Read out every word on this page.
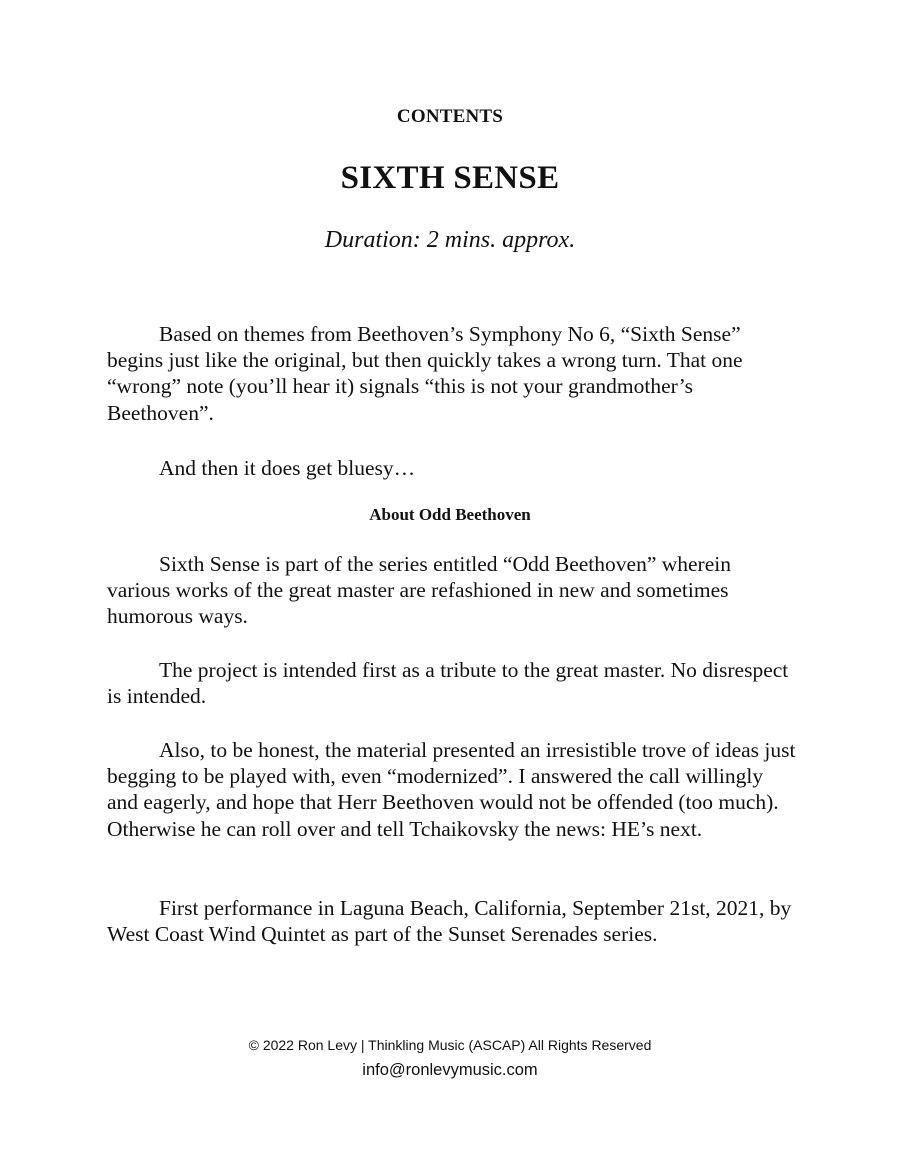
CONTENTS
SIXTH SENSE
Duration: 2 mins. approx.

Based on themes from Beethoven’s Symphony No 6, “Sixth Sense” begins just like the original, but then quickly takes a wrong turn. That one “wrong” note (you’ll hear it) signals “this is not your grandmother’s Beethoven”.

And then it does get bluesy…

About Odd Beethoven

Sixth Sense is part of the series entitled “Odd Beethoven” wherein various works of the great master are refashioned in new and sometimes humorous ways.

The project is intended first as a tribute to the great master. No disrespect is intended.

Also, to be honest, the material presented an irresistible trove of ideas just begging to be played with, even “modernized”. I answered the call willingly and eagerly, and hope that Herr Beethoven would not be offended (too much). Otherwise he can roll over and tell Tchaikovsky the news: HE’s next.

First performance in Laguna Beach, California, September 21st, 2021, by West Coast Wind Quintet as part of the Sunset Serenades series.

© 2022 Ron Levy | Thinkling Music (ASCAP) All Rights Reserved
info@ronlevymusic.com
